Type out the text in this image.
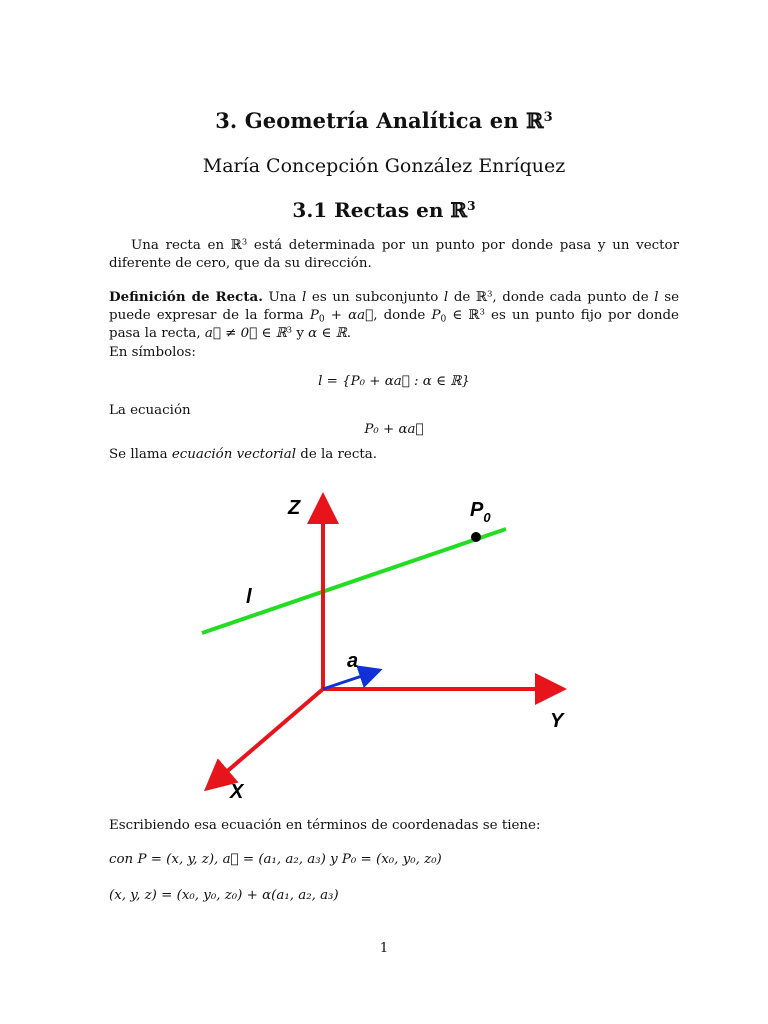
3. Geometría Analítica en ℝ$^3$
María Concepción González Enríquez
3.1 Rectas en ℝ$^3$
Una recta en ℝ$^3$ está determinada por un punto por donde pasa y un vector diferente de cero, que da su dirección.
Definición de Recta. Una l es un subconjunto l de ℝ$^3$, donde cada punto de l se puede expresar de la forma $P_0$ + αa⃗, donde $P_0$ ∈ ℝ$^3$ es un punto fijo por donde pasa la recta, a⃗ ≠ 0⃗ ∈ ℝ$^3$ y α ∈ ℝ.
En símbolos:
l = {P₀ + αa⃗ : α ∈ ℝ}
La ecuación
P₀ + αa⃗
Se llama ecuación vectorial de la recta.
Z	$P_0$
l
a
Y
X
Escribiendo esa ecuación en términos de coordenadas se tiene:
con P = (x, y, z), a⃗ = (a₁, a₂, a₃) y P₀ = (x₀, y₀, z₀)
(x, y, z) = (x₀, y₀, z₀) + α(a₁, a₂, a₃)
1
